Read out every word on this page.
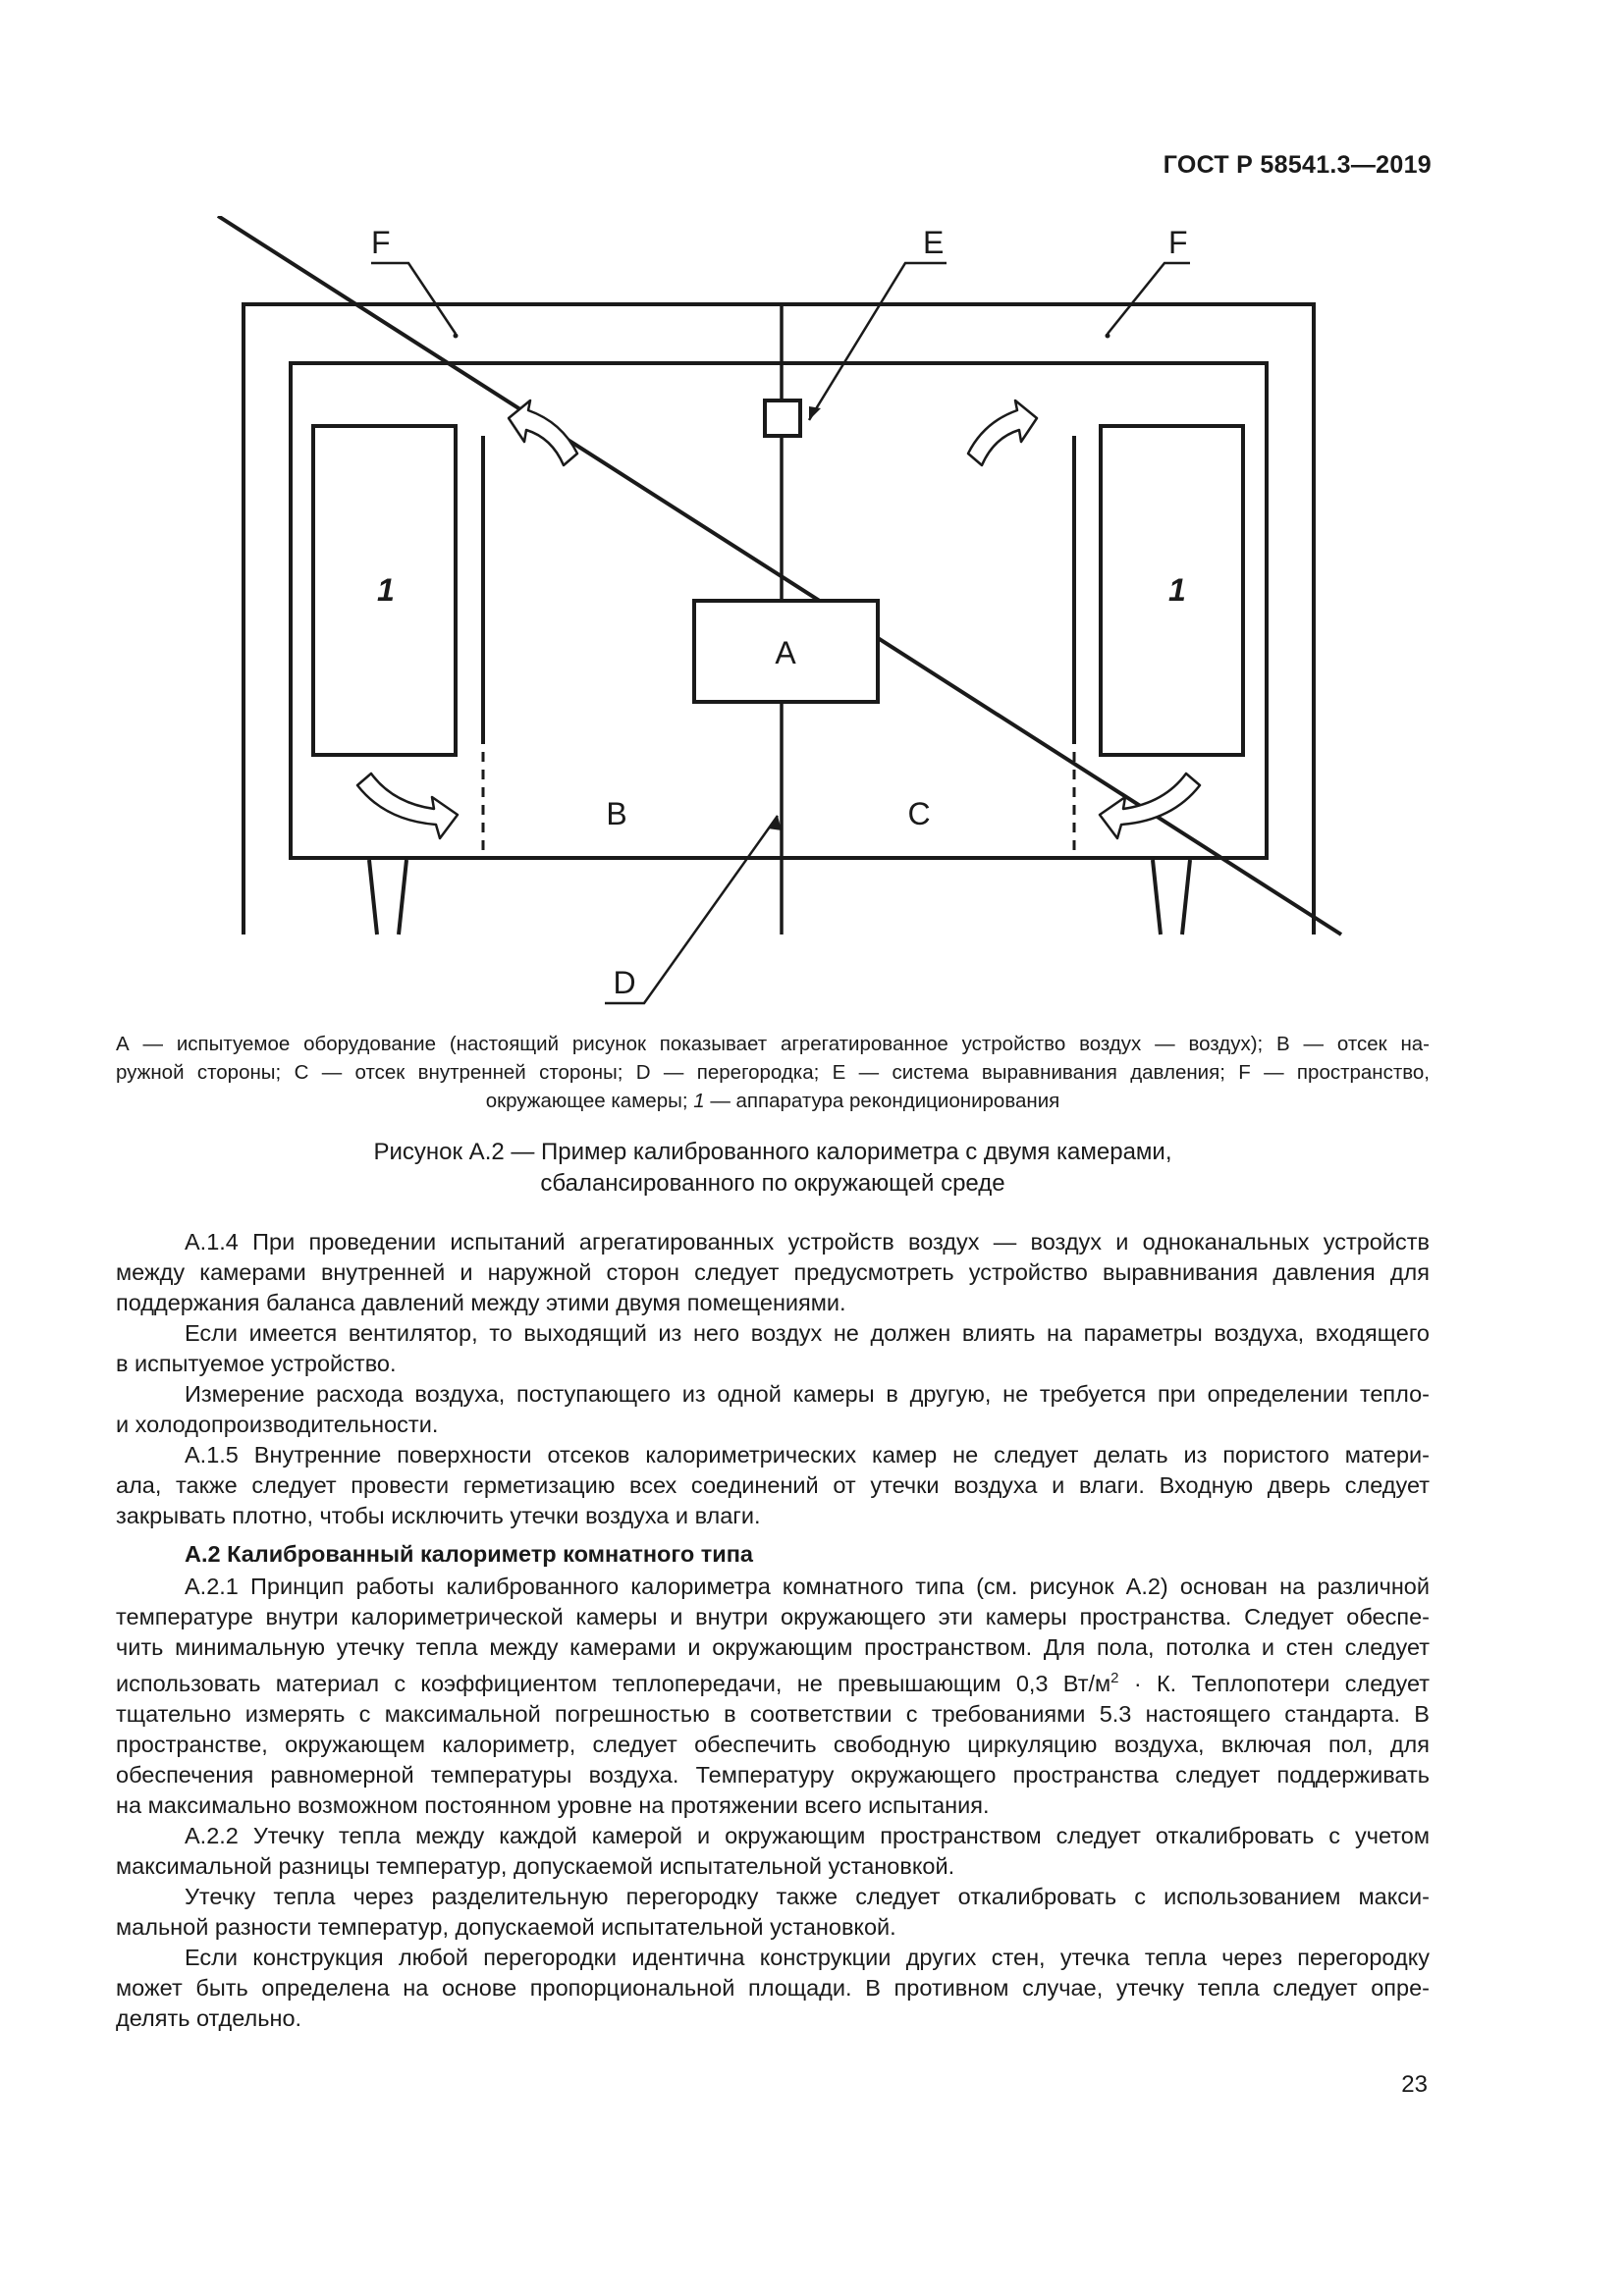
ГОСТ Р 58541.3—2019
F	E	F
1	1
A
B	C
D
А — испытуемое оборудование (настоящий рисунок показывает агрегатированное устройство воздух — воздух); В — отсек на-
ружной стороны; С — отсек внутренней стороны; D — перегородка; Е — система выравнивания давления; F — пространство,
окружающее камеры; 1 — аппаратура рекондиционирования
Рисунок А.2 — Пример калиброванного калориметра с двумя камерами,
сбалансированного по окружающей среде
А.1.4 При проведении испытаний агрегатированных устройств воздух — воздух и одноканальных устройств
между камерами внутренней и наружной сторон следует предусмотреть устройство выравнивания давления для
поддержания баланса давлений между этими двумя помещениями.
Если имеется вентилятор, то выходящий из него воздух не должен влиять на параметры воздуха, входящего
в испытуемое устройство.
Измерение расхода воздуха, поступающего из одной камеры в другую, не требуется при определении тепло-
и холодопроизводительности.
А.1.5 Внутренние поверхности отсеков калориметрических камер не следует делать из пористого матери-
ала, также следует провести герметизацию всех соединений от утечки воздуха и влаги. Входную дверь следует
закрывать плотно, чтобы исключить утечки воздуха и влаги.
А.2 Калиброванный калориметр комнатного типа
А.2.1 Принцип работы калиброванного калориметра комнатного типа (см. рисунок А.2) основан на различной
температуре внутри калориметрической камеры и внутри окружающего эти камеры пространства. Следует обеспе-
чить минимальную утечку тепла между камерами и окружающим пространством. Для пола, потолка и стен следует
использовать материал с коэффициентом теплопередачи, не превышающим 0,3 $Вт/м^2 \cdot К$. Теплопотери следует
тщательно измерять с максимальной погрешностью в соответствии с требованиями 5.3 настоящего стандарта. В
пространстве, окружающем калориметр, следует обеспечить свободную циркуляцию воздуха, включая пол, для
обеспечения равномерной температуры воздуха. Температуру окружающего пространства следует поддерживать
на максимально возможном постоянном уровне на протяжении всего испытания.
А.2.2 Утечку тепла между каждой камерой и окружающим пространством следует откалибровать с учетом
максимальной разницы температур, допускаемой испытательной установкой.
Утечку тепла через разделительную перегородку также следует откалибровать с использованием макси-
мальной разности температур, допускаемой испытательной установкой.
Если конструкция любой перегородки идентична конструкции других стен, утечка тепла через перегородку
может быть определена на основе пропорциональной площади. В противном случае, утечку тепла следует опре-
делять отдельно.
23
